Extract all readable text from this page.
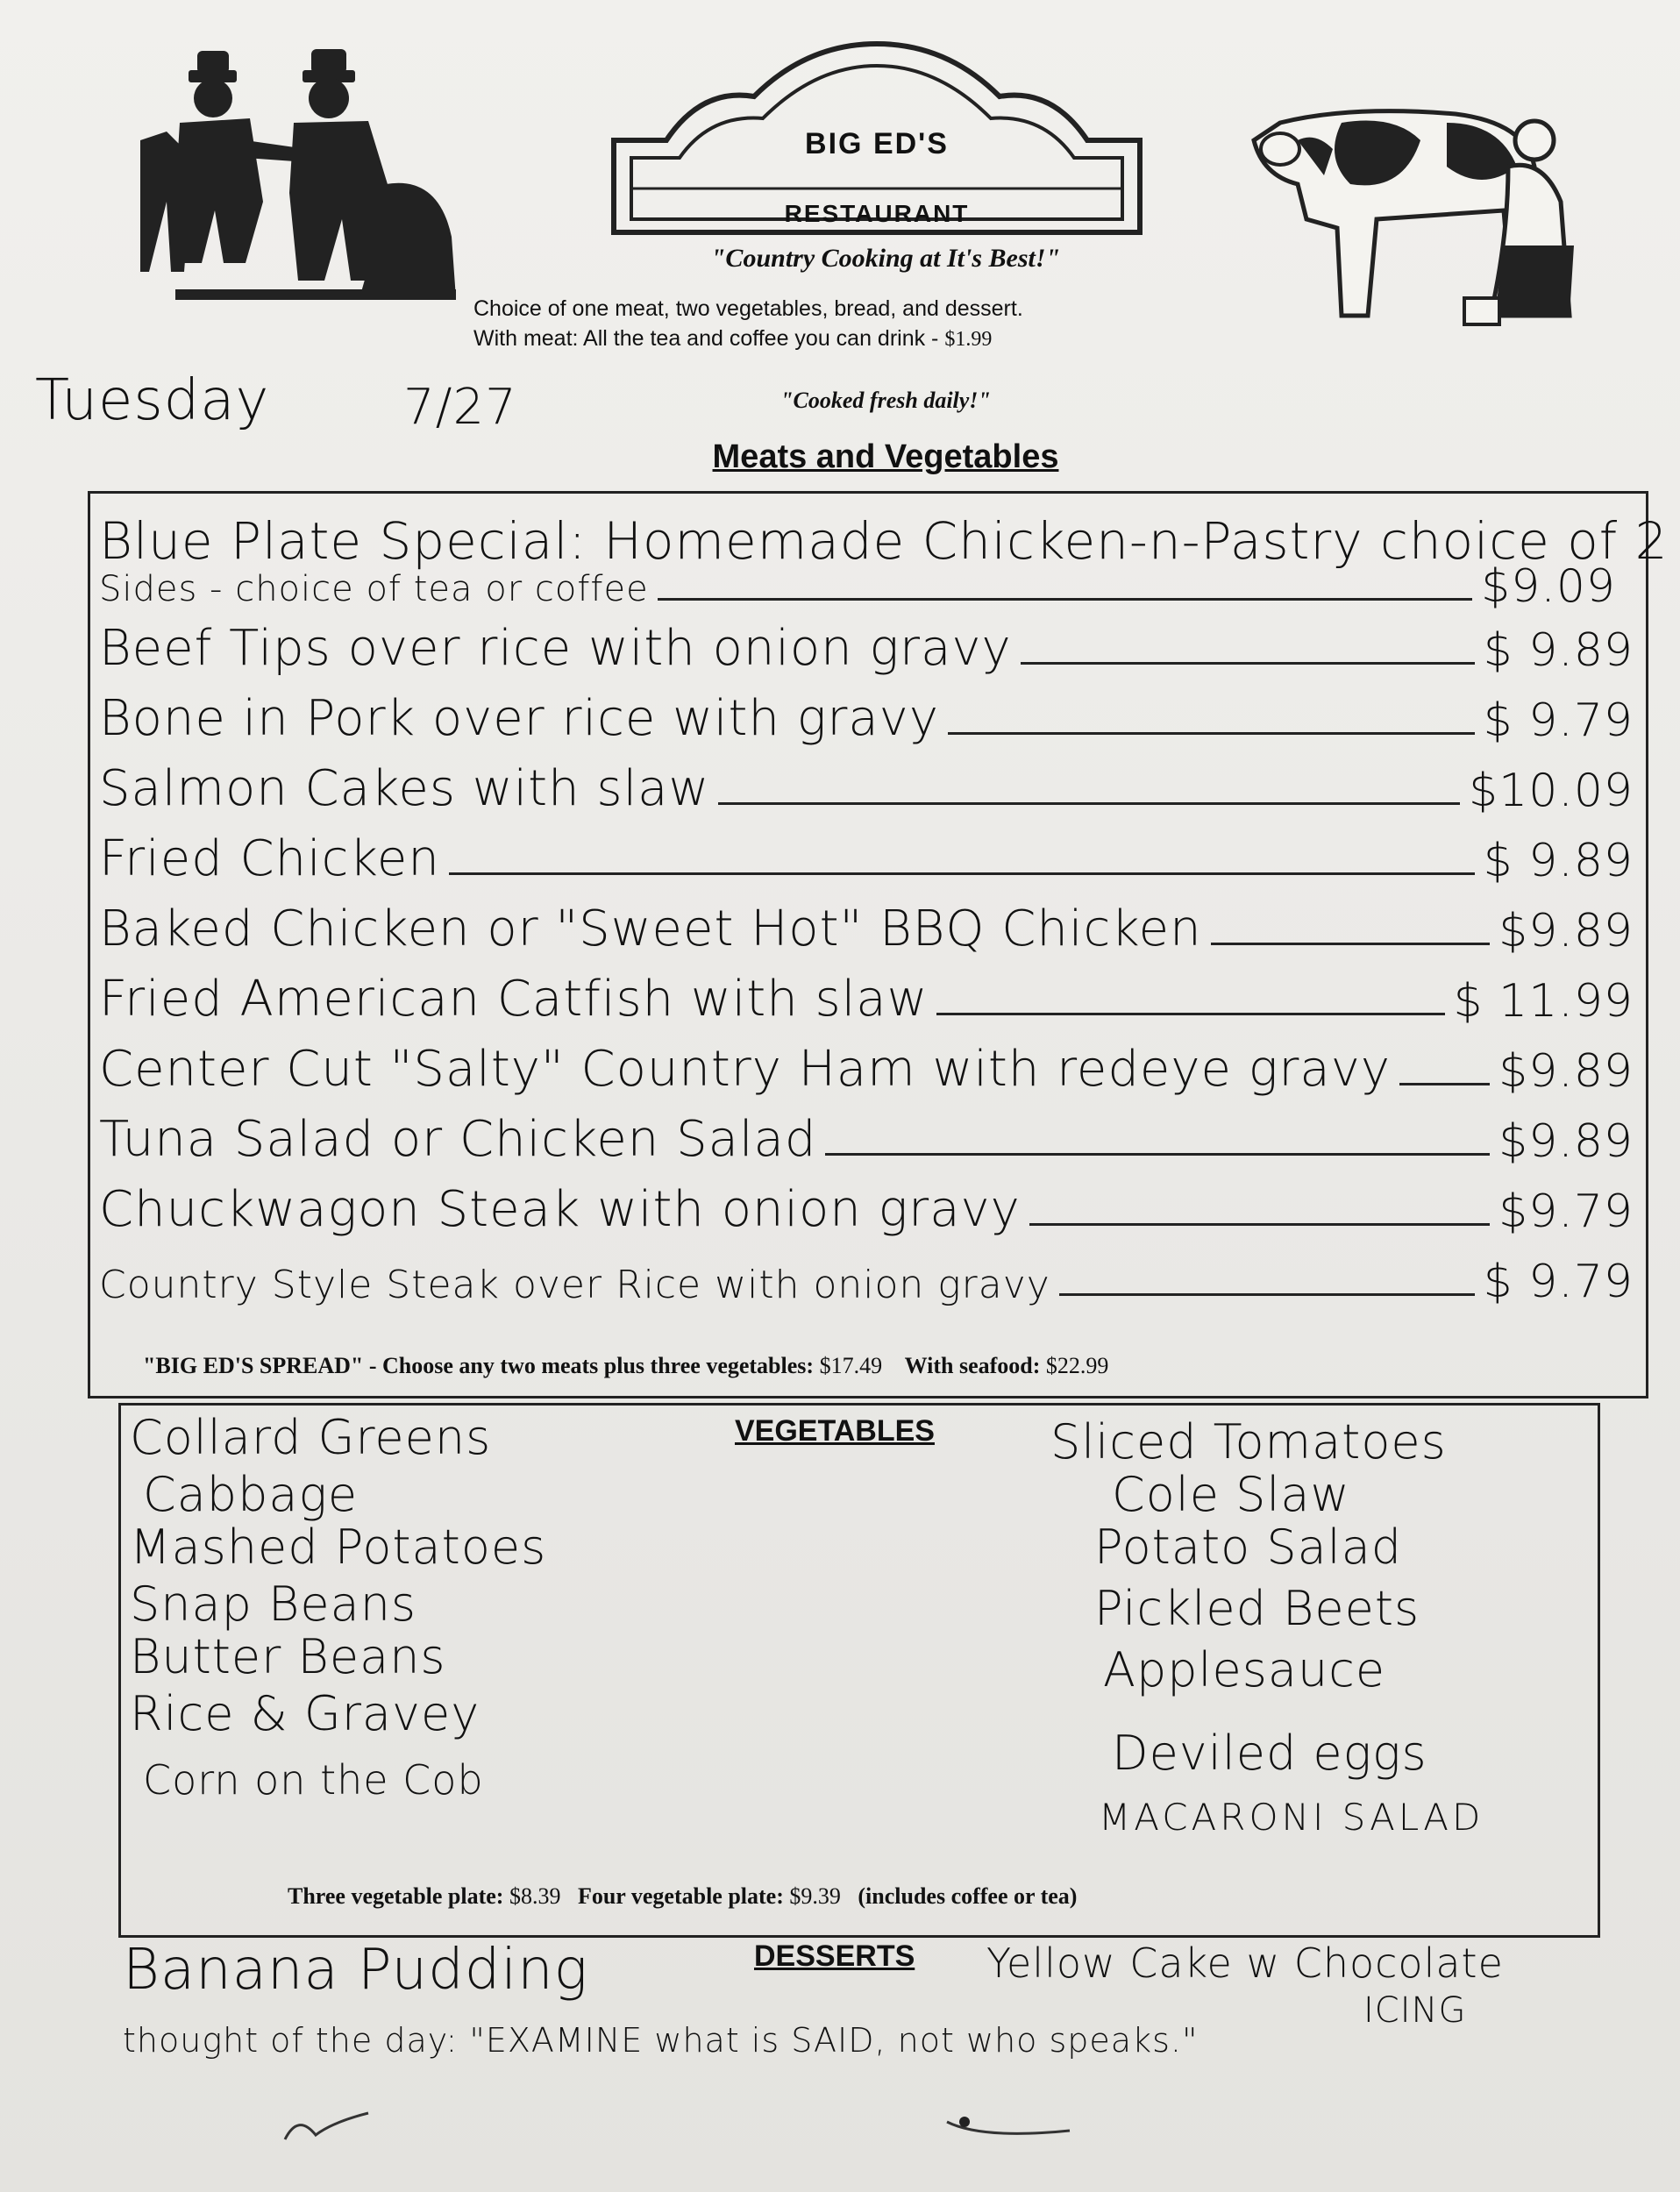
BIG ED'S
RESTAURANT
"Country Cooking at It's Best!"
Choice of one meat, two vegetables, bread, and dessert.
With meat: All the tea and coffee you can drink - $1.99
Tuesday	7/27	"Cooked fresh daily!"
Meats and Vegetables
Blue Plate Special: Homemade Chicken-n-Pastry choice of 2
Sides - choice of tea or coffee	$9.09
Beef Tips over rice with onion gravy	$ 9.89
Bone in Pork over rice with gravy	$ 9.79
Salmon Cakes with slaw	$10.09
Fried Chicken	$ 9.89
Baked Chicken or "Sweet Hot" BBQ Chicken	$9.89
Fried American Catfish with slaw	$ 11.99
Center Cut "Salty" Country Ham with redeye gravy $9.89
Tuna Salad or Chicken Salad	$9.89
Chuckwagon Steak with onion gravy	$9.79
Country Style Steak over Rice with onion gravy	$ 9.79
"BIG ED'S SPREAD" - Choose any two meats plus three vegetables: $17.49 With seafood: $22.99
VEGETABLES
Collard Greens
Cabbage
Mashed Potatoes
Snap Beans
Butter Beans
Rice & Gravey
Corn on the Cob
Sliced Tomatoes
Cole Slaw
Potato Salad
Pickled Beets
Applesauce
Deviled eggs
MACARONI SALAD
Three vegetable plate: $8.39 Four vegetable plate: $9.39 (includes coffee or tea)
Banana Pudding	DESSERTS Yellow Cake w Chocolate
ICING
thought of the day: "EXAMINE what is SAID, not who speaks."
